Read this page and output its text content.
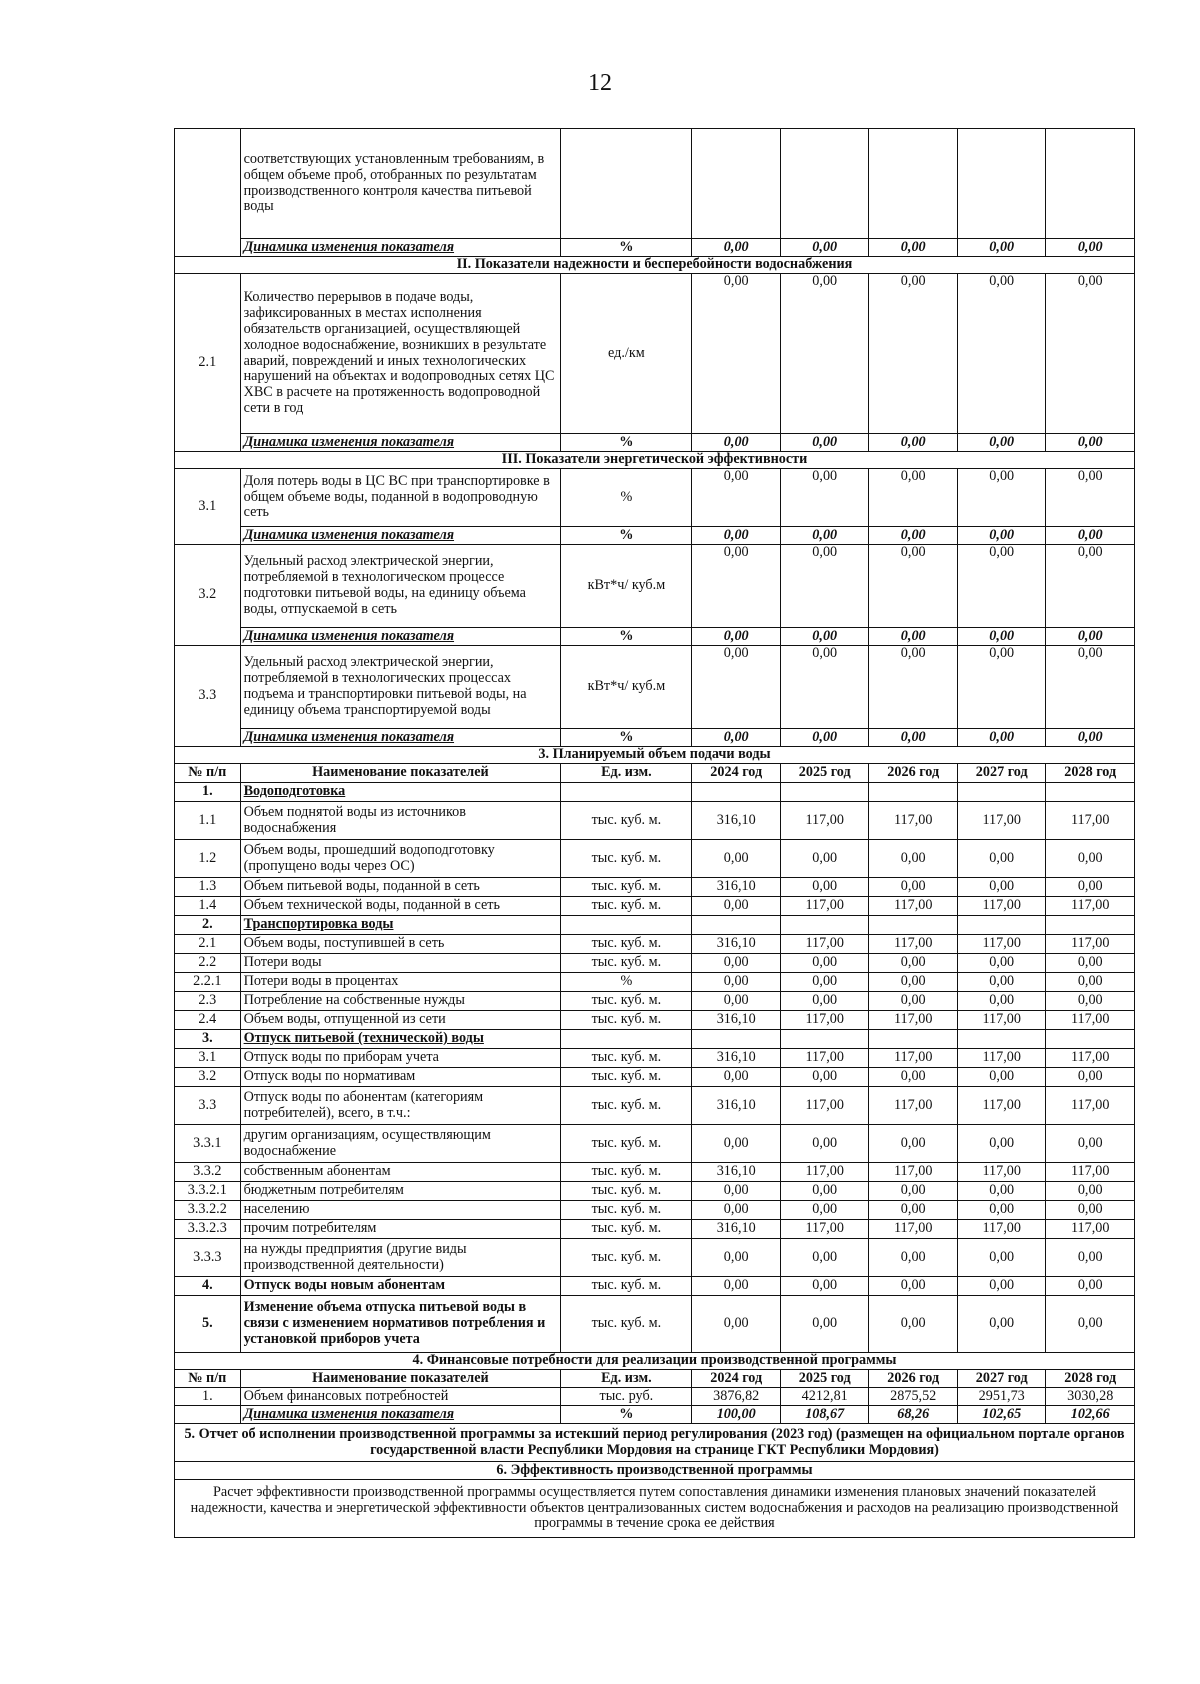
12
	соответствующих установленным требованиям, в общем объеме проб, отобранных по результатам производственного контроля качества питьевой воды						
	Динамика изменения показателя	%	0,00	0,00	0,00	0,00	0,00
II. Показатели надежности и бесперебойности водоснабжения							
2.1	Количество перерывов в подаче воды, зафиксированных в местах исполнения обязательств организацией, осуществляющей холодное водоснабжение, возникших в результате аварий, повреждений и иных технологических нарушений на объектах и водопроводных сетях ЦС ХВС в расчете на протяженность водопроводной сети в год	ед./км	0,00	0,00	0,00	0,00	0,00
	Динамика изменения показателя	%	0,00	0,00	0,00	0,00	0,00
III. Показатели энергетической эффективности							
3.1	Доля потерь воды в ЦС ВС при транспортировке в общем объеме воды, поданной в водопроводную сеть	%	0,00	0,00	0,00	0,00	0,00
	Динамика изменения показателя	%	0,00	0,00	0,00	0,00	0,00
3.2	Удельный расход электрической энергии, потребляемой в технологическом процессе подготовки питьевой воды, на единицу объема воды, отпускаемой в сеть	кВт*ч/ куб.м	0,00	0,00	0,00	0,00	0,00
	Динамика изменения показателя	%	0,00	0,00	0,00	0,00	0,00
3.3	Удельный расход электрической энергии, потребляемой в технологических процессах подъема и транспортировки питьевой воды, на единицу объема транспортируемой воды	кВт*ч/ куб.м	0,00	0,00	0,00	0,00	0,00
	Динамика изменения показателя	%	0,00	0,00	0,00	0,00	0,00
3. Планируемый объем подачи воды							
№ п/п	Наименование показателей	Ед. изм.	2024 год	2025 год	2026 год	2027 год	2028 год
1.	Водоподготовка						
1.1	Объем поднятой воды из источников водоснабжения	тыс. куб. м.	316,10	117,00	117,00	117,00	117,00
1.2	Объем воды, прошедший водоподготовку (пропущено воды через ОС)	тыс. куб. м.	0,00	0,00	0,00	0,00	0,00
1.3	Объем питьевой воды, поданной в сеть	тыс. куб. м.	316,10	0,00	0,00	0,00	0,00
1.4	Объем технической воды, поданной в сеть	тыс. куб. м.	0,00	117,00	117,00	117,00	117,00
2.	Транспортировка воды						
2.1	Объем воды, поступившей в сеть	тыс. куб. м.	316,10	117,00	117,00	117,00	117,00
2.2	Потери воды	тыс. куб. м.	0,00	0,00	0,00	0,00	0,00
2.2.1	Потери воды в процентах	%	0,00	0,00	0,00	0,00	0,00
2.3	Потребление на собственные нужды	тыс. куб. м.	0,00	0,00	0,00	0,00	0,00
2.4	Объем воды, отпущенной из сети	тыс. куб. м.	316,10	117,00	117,00	117,00	117,00
3.	Отпуск питьевой (технической) воды						
3.1	Отпуск воды по приборам учета	тыс. куб. м.	316,10	117,00	117,00	117,00	117,00
3.2	Отпуск воды по нормативам	тыс. куб. м.	0,00	0,00	0,00	0,00	0,00
3.3	Отпуск воды по абонентам (категориям потребителей), всего, в т.ч.:	тыс. куб. м.	316,10	117,00	117,00	117,00	117,00
3.3.1	другим организациям, осуществляющим водоснабжение	тыс. куб. м.	0,00	0,00	0,00	0,00	0,00
3.3.2	собственным абонентам	тыс. куб. м.	316,10	117,00	117,00	117,00	117,00
3.3.2.1	бюджетным потребителям	тыс. куб. м.	0,00	0,00	0,00	0,00	0,00
3.3.2.2	населению	тыс. куб. м.	0,00	0,00	0,00	0,00	0,00
3.3.2.3	прочим потребителям	тыс. куб. м.	316,10	117,00	117,00	117,00	117,00
3.3.3	на нужды предприятия (другие виды производственной деятельности)	тыс. куб. м.	0,00	0,00	0,00	0,00	0,00
4.	Отпуск воды новым абонентам	тыс. куб. м.	0,00	0,00	0,00	0,00	0,00
5.	Изменение объема отпуска питьевой воды в связи с изменением нормативов потребления и установкой приборов учета	тыс. куб. м.	0,00	0,00	0,00	0,00	0,00
4. Финансовые потребности для реализации производственной программы							
№ п/п	Наименование показателей	Ед. изм.	2024 год	2025 год	2026 год	2027 год	2028 год
1.	Объем финансовых потребностей	тыс. руб.	3876,82	4212,81	2875,52	2951,73	3030,28
	Динамика изменения показателя	%	100,00	108,67	68,26	102,65	102,66
5. Отчет об исполнении производственной программы за истекший период регулирования (2023 год) (размещен на официальном портале органов государственной власти Республики Мордовия на странице ГКТ Республики Мордовия)							
6. Эффективность производственной программы							
Расчет эффективности производственной программы осуществляется путем сопоставления динамики изменения плановых значений показателей надежности, качества и энергетической эффективности объектов централизованных систем водоснабжения и расходов на реализацию производственной программы в течение срока ее действия							
